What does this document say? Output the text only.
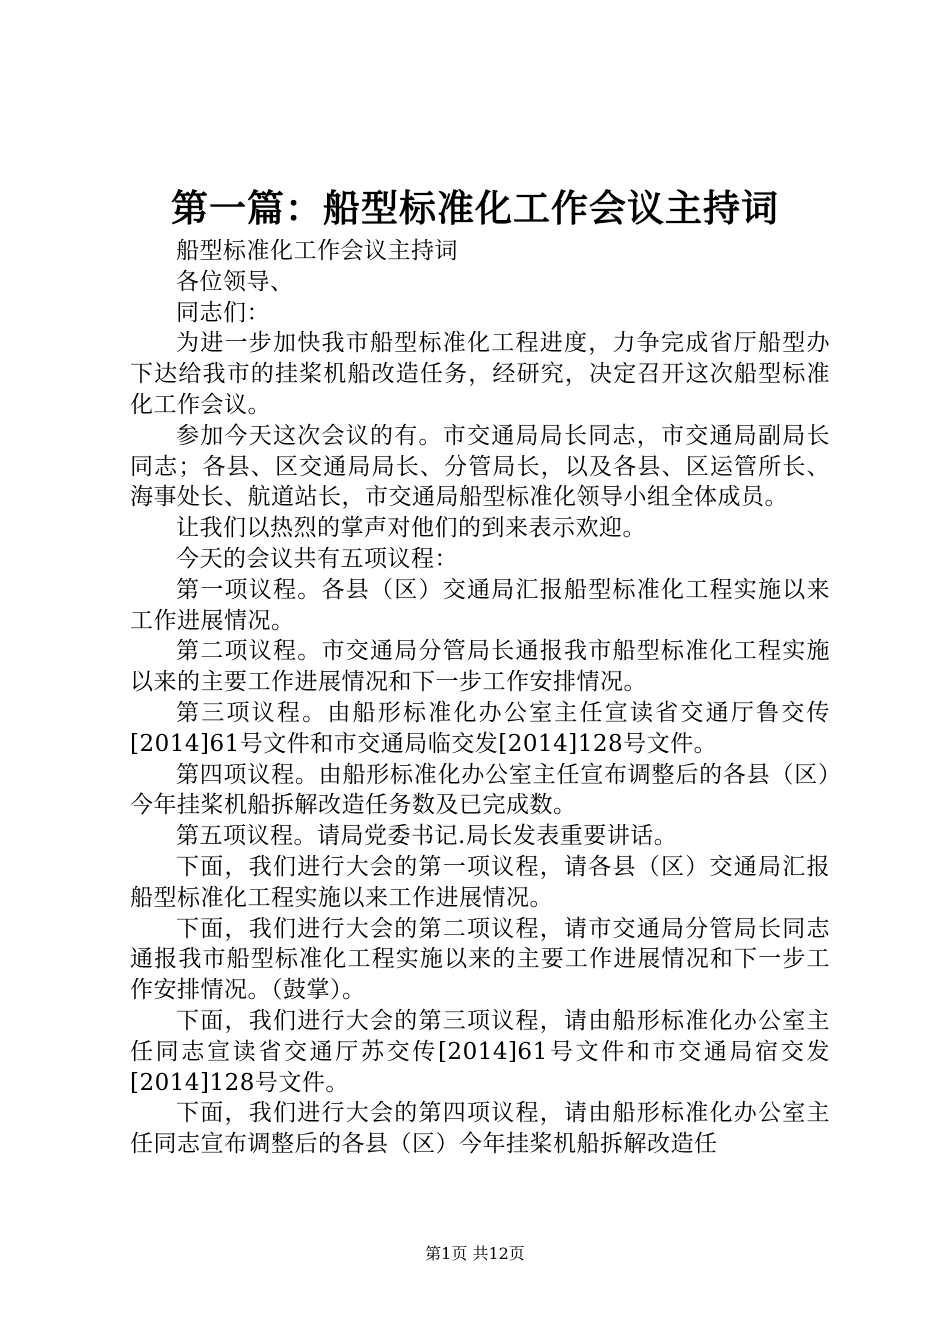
第一篇：船型标准化工作会议主持词

船型标准化工作会议主持词

各位领导、

同志们：

为进一步加快我市船型标准化工程进度，力争完成省厅船型办下达给我市的挂桨机船改造任务，经研究，决定召开这次船型标准化工作会议。

参加今天这次会议的有。市交通局局长同志，市交通局副局长同志；各县、区交通局局长、分管局长，以及各县、区运管所长、海事处长、航道站长，市交通局船型标准化领导小组全体成员。

让我们以热烈的掌声对他们的到来表示欢迎。

今天的会议共有五项议程：

第一项议程。各县（区）交通局汇报船型标准化工程实施以来工作进展情况。

第二项议程。市交通局分管局长通报我市船型标准化工程实施以来的主要工作进展情况和下一步工作安排情况。

第三项议程。由船形标准化办公室主任宣读省交通厅鲁交传[2014]61号文件和市交通局临交发[2014]128号文件。

第四项议程。由船形标准化办公室主任宣布调整后的各县（区）今年挂桨机船拆解改造任务数及已完成数。

第五项议程。请局党委书记.局长发表重要讲话。

下面，我们进行大会的第一项议程，请各县（区）交通局汇报船型标准化工程实施以来工作进展情况。

下面，我们进行大会的第二项议程，请市交通局分管局长同志通报我市船型标准化工程实施以来的主要工作进展情况和下一步工作安排情况。（鼓掌）。

下面，我们进行大会的第三项议程，请由船形标准化办公室主任同志宣读省交通厅苏交传[2014]61号文件和市交通局宿交发[2014]128号文件。

下面，我们进行大会的第四项议程，请由船形标准化办公室主任同志宣布调整后的各县（区）今年挂桨机船拆解改造任

第1页 共12页
